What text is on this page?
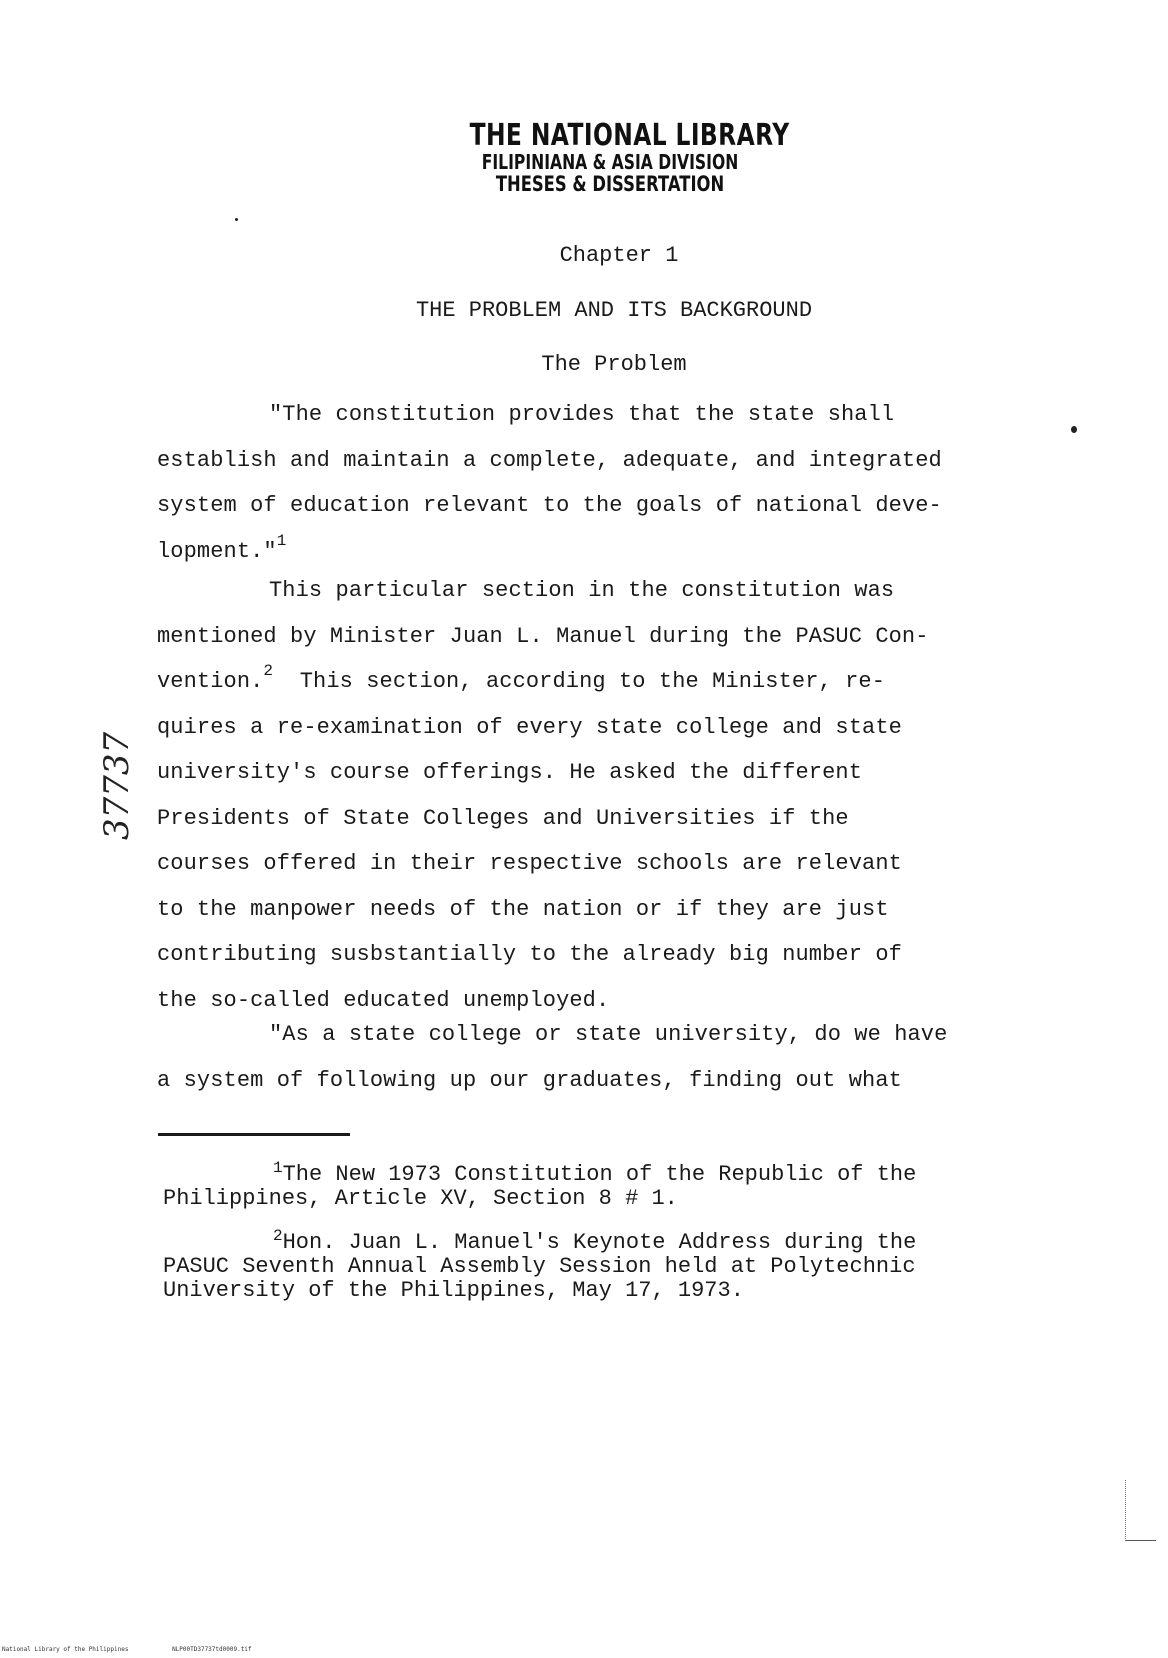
THE NATIONAL LIBRARY
FILIPINIANA & ASIA DIVISION
THESES & DISSERTATION
Chapter 1
THE PROBLEM AND ITS BACKGROUND
The Problem
"The constitution provides that the state shall
establish and maintain a complete, adequate, and integrated
system of education relevant to the goals of national deve-
lopment."$^1$
This particular section in the constitution was
mentioned by Minister Juan L. Manuel during the PASUC Con-
vention.$^2$  This section, according to the Minister, re-
quires a re-examination of every state college and state
university's course offerings. He asked the different
Presidents of State Colleges and Universities if the
courses offered in their respective schools are relevant
to the manpower needs of the nation or if they are just
contributing susbstantially to the already big number of
the so-called educated unemployed.
"As a state college or state university, do we have
a system of following up our graduates, finding out what
$^1$The New 1973 Constitution of the Republic of the
Philippines, Article XV, Section 8 # 1.
$^2$Hon. Juan L. Manuel's Keynote Address during the
PASUC Seventh Annual Assembly Session held at Polytechnic
University of the Philippines, May 17, 1973.
37737
National Library of the Philippines	NLP00TD37737td0009.tif
